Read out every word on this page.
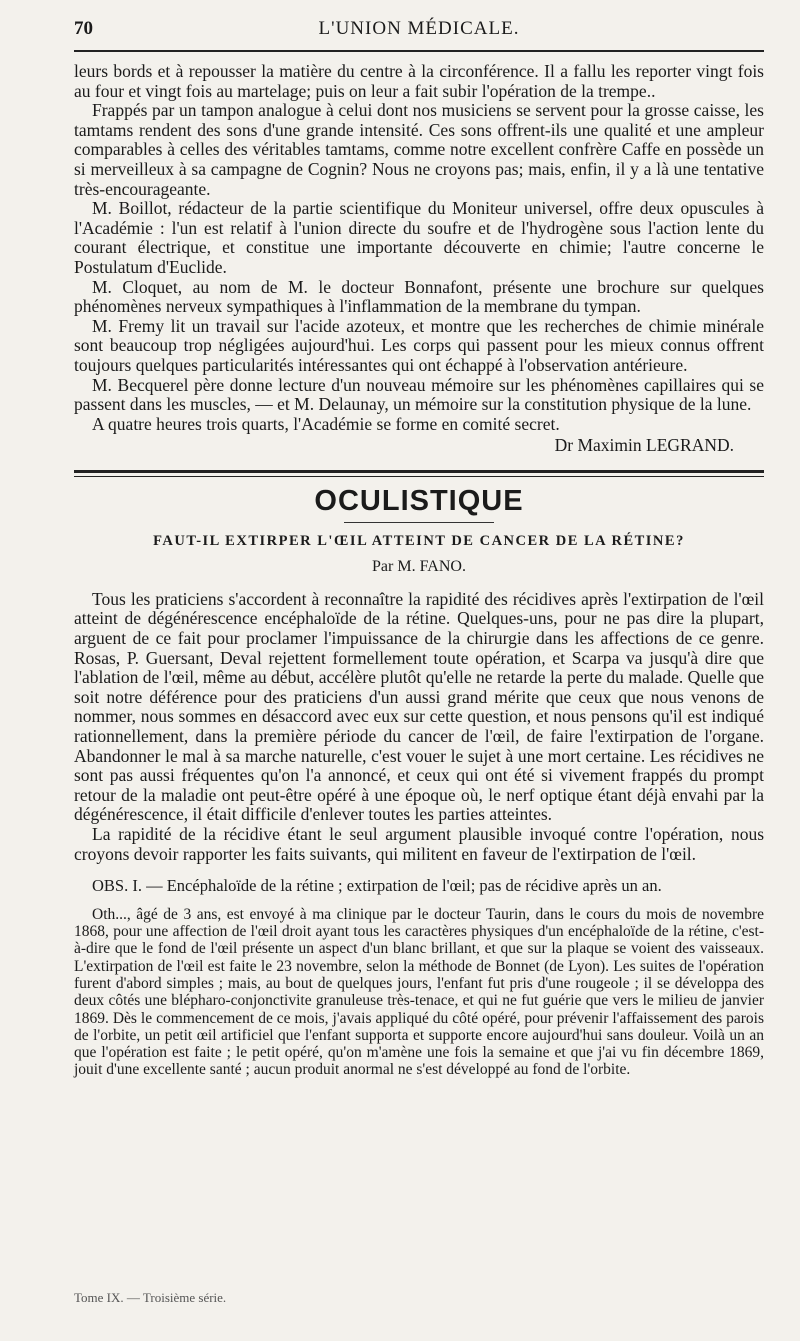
70	L'UNION MÉDICALE.

leurs bords et à repousser la matière du centre à la circonférence. Il a fallu les reporter vingt fois au four et vingt fois au martelage; puis on leur a fait subir l'opération de la trempe..

Frappés par un tampon analogue à celui dont nos musiciens se servent pour la grosse caisse, les tamtams rendent des sons d'une grande intensité. Ces sons offrent-ils une qualité et une ampleur comparables à celles des véritables tamtams, comme notre excellent confrère Caffe en possède un si merveilleux à sa campagne de Cognin? Nous ne croyons pas; mais, enfin, il y a là une tentative très-encourageante.

M. Boillot, rédacteur de la partie scientifique du Moniteur universel, offre deux opuscules à l'Académie : l'un est relatif à l'union directe du soufre et de l'hydrogène sous l'action lente du courant électrique, et constitue une importante découverte en chimie; l'autre concerne le Postulatum d'Euclide.

M. Cloquet, au nom de M. le docteur Bonnafont, présente une brochure sur quelques phénomènes nerveux sympathiques à l'inflammation de la membrane du tympan.

M. Fremy lit un travail sur l'acide azoteux, et montre que les recherches de chimie minérale sont beaucoup trop négligées aujourd'hui. Les corps qui passent pour les mieux connus offrent toujours quelques particularités intéressantes qui ont échappé à l'observation antérieure.

M. Becquerel père donne lecture d'un nouveau mémoire sur les phénomènes capillaires qui se passent dans les muscles, — et M. Delaunay, un mémoire sur la constitution physique de la lune.

A quatre heures trois quarts, l'Académie se forme en comité secret.

Dr Maximin LEGRAND.

OCULISTIQUE
FAUT-IL EXTIRPER L'ŒIL ATTEINT DE CANCER DE LA RÉTINE?
Par M. FANO.

Tous les praticiens s'accordent à reconnaître la rapidité des récidives après l'extirpation de l'œil atteint de dégénérescence encéphaloïde de la rétine. Quelques-uns, pour ne pas dire la plupart, arguent de ce fait pour proclamer l'impuissance de la chirurgie dans les affections de ce genre. Rosas, P. Guersant, Deval rejettent formellement toute opération, et Scarpa va jusqu'à dire que l'ablation de l'œil, même au début, accélère plutôt qu'elle ne retarde la perte du malade. Quelle que soit notre déférence pour des praticiens d'un aussi grand mérite que ceux que nous venons de nommer, nous sommes en désaccord avec eux sur cette question, et nous pensons qu'il est indiqué rationnellement, dans la première période du cancer de l'œil, de faire l'extirpation de l'organe. Abandonner le mal à sa marche naturelle, c'est vouer le sujet à une mort certaine. Les récidives ne sont pas aussi fréquentes qu'on l'a annoncé, et ceux qui ont été si vivement frappés du prompt retour de la maladie ont peut-être opéré à une époque où, le nerf optique étant déjà envahi par la dégénérescence, il était difficile d'enlever toutes les parties atteintes.

La rapidité de la récidive étant le seul argument plausible invoqué contre l'opération, nous croyons devoir rapporter les faits suivants, qui militent en faveur de l'extirpation de l'œil.

OBS. I. — Encéphaloïde de la rétine ; extirpation de l'œil; pas de récidive après un an.

Oth..., âgé de 3 ans, est envoyé à ma clinique par le docteur Taurin, dans le cours du mois de novembre 1868, pour une affection de l'œil droit ayant tous les caractères physiques d'un encéphaloïde de la rétine, c'est-à-dire que le fond de l'œil présente un aspect d'un blanc brillant, et que sur la plaque se voient des vaisseaux. L'extirpation de l'œil est faite le 23 novembre, selon la méthode de Bonnet (de Lyon). Les suites de l'opération furent d'abord simples ; mais, au bout de quelques jours, l'enfant fut pris d'une rougeole ; il se développa des deux côtés une blépharo-conjonctivite granuleuse très-tenace, et qui ne fut guérie que vers le milieu de janvier 1869. Dès le commencement de ce mois, j'avais appliqué du côté opéré, pour prévenir l'affaissement des parois de l'orbite, un petit œil artificiel que l'enfant supporta et supporte encore aujourd'hui sans douleur. Voilà un an que l'opération est faite ; le petit opéré, qu'on m'amène une fois la semaine et que j'ai vu fin décembre 1869, jouit d'une excellente santé ; aucun produit anormal ne s'est développé au fond de l'orbite.

Tome IX. — Troisième série.
